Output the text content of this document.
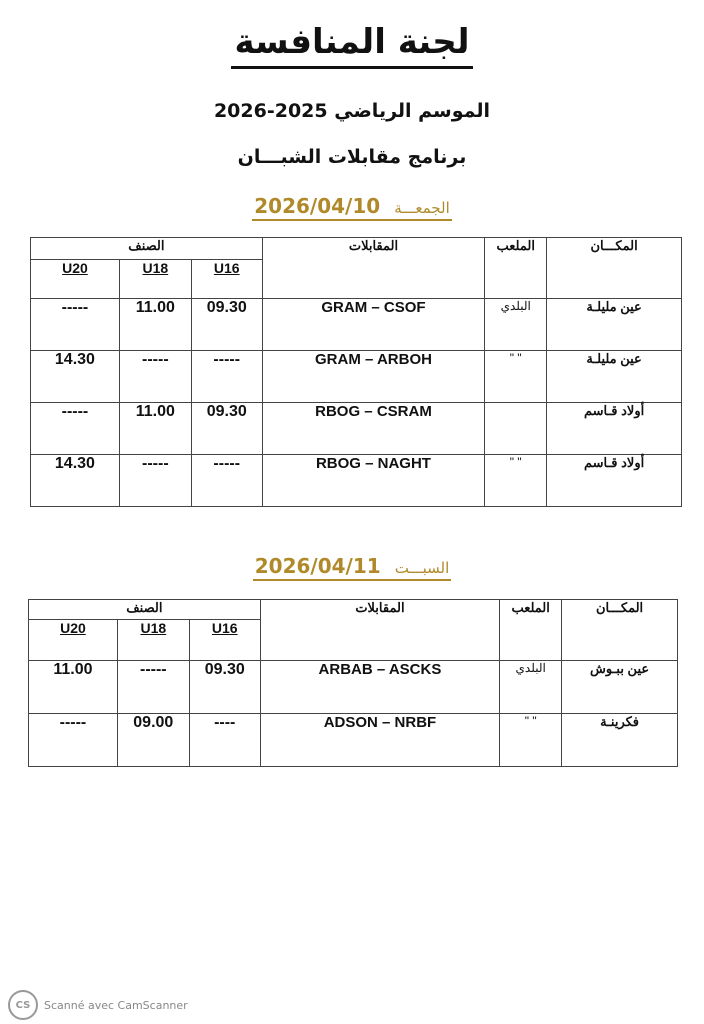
لجنة المنافسة
الموسم الرياضي 2025-2026
برنامج مقابلات الشبـــان
2026/04/10 الجمعـــة
الصنف			المقابلات	الملعب	المكـــان
U20	U18	U16			
-----	11.00	09.30	GRAM – CSOF	البلدي	عين مليلـة
14.30	-----	-----	GRAM – ARBOH	" "	عين مليلـة
-----	11.00	09.30	RBOG – CSRAM		أولاد قـاسم
14.30	-----	-----	RBOG – NAGHT	" "	أولاد قـاسم
2026/04/11 السبـــت
الصنف			المقابلات	الملعب	المكـــان
U20	U18	U16			
11.00	-----	09.30	ARBAB – ASCKS	البلدي	عين ببـوش
-----	09.00	----	ADSON – NRBF	" "	فكرينـة
CS	Scanné avec CamScanner
